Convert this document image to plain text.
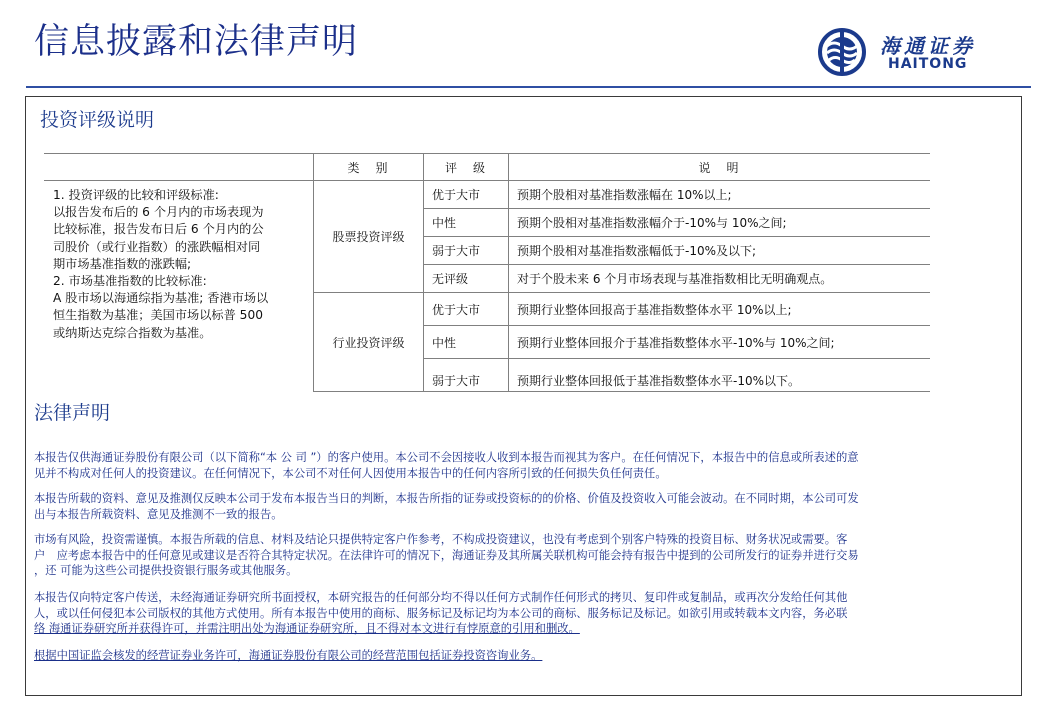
信息披露和法律声明	海通证券
HAITONG
投资评级说明
1. 投资评级的比较和评级标准:
以报告发布后的 6 个月内的市场表现为
比较标准，报告发布日后 6 个月内的公
司股价（或行业指数）的涨跌幅相对同
期市场基准指数的涨跌幅;
2. 市场基准指数的比较标准:
A 股市场以海通综指为基准; 香港市场以
恒生指数为基准；美国市场以标普 500
或纳斯达克综合指数为基准。
类　别	评　级	说　明
股票投资评级
优于大市	预期个股相对基准指数涨幅在 10%以上;
中性	预期个股相对基准指数涨幅介于-10%与 10%之间;
弱于大市	预期个股相对基准指数涨幅低于-10%及以下;
无评级	对于个股未来 6 个月市场表现与基准指数相比无明确观点。
行业投资评级
优于大市	预期行业整体回报高于基准指数整体水平 10%以上;
中性	预期行业整体回报介于基准指数整体水平-10%与 10%之间;
弱于大市	预期行业整体回报低于基准指数整体水平-10%以下。
法律声明
本报告仅供海通证券股份有限公司（以下简称“本 公 司 ”）的客户使用。本公司不会因接收人收到本报告而视其为客户。在任何情况下，本报告中的信息或所表述的意
见并不构成对任何人的投资建议。在任何情况下，本公司不对任何人因使用本报告中的任何内容所引致的任何损失负任何责任。
本报告所载的资料、意见及推测仅反映本公司于发布本报告当日的判断，本报告所指的证券或投资标的的价格、价值及投资收入可能会波动。在不同时期，本公司可发
出与本报告所载资料、意见及推测不一致的报告。
市场有风险，投资需谨慎。本报告所载的信息、材料及结论只提供特定客户作参考，不构成投资建议，也没有考虑到个别客户特殊的投资目标、财务状况或需要。客
户　应考虑本报告中的任何意见或建议是否符合其特定状况。在法律许可的情况下，海通证券及其所属关联机构可能会持有报告中提到的公司所发行的证券并进行交易
，还 可能为这些公司提供投资银行服务或其他服务。
本报告仅向特定客户传送，未经海通证券研究所书面授权，本研究报告的任何部分均不得以任何方式制作任何形式的拷贝、复印件或复制品，或再次分发给任何其他
人，或以任何侵犯本公司版权的其他方式使用。所有本报告中使用的商标、服务标记及标记均为本公司的商标、服务标记及标记。如欲引用或转载本文内容，务必联
络 海通证券研究所并获得许可，并需注明出处为海通证券研究所，且不得对本文进行有悖原意的引用和删改。
根据中国证监会核发的经营证券业务许可，海通证券股份有限公司的经营范围包括证券投资咨询业务。
